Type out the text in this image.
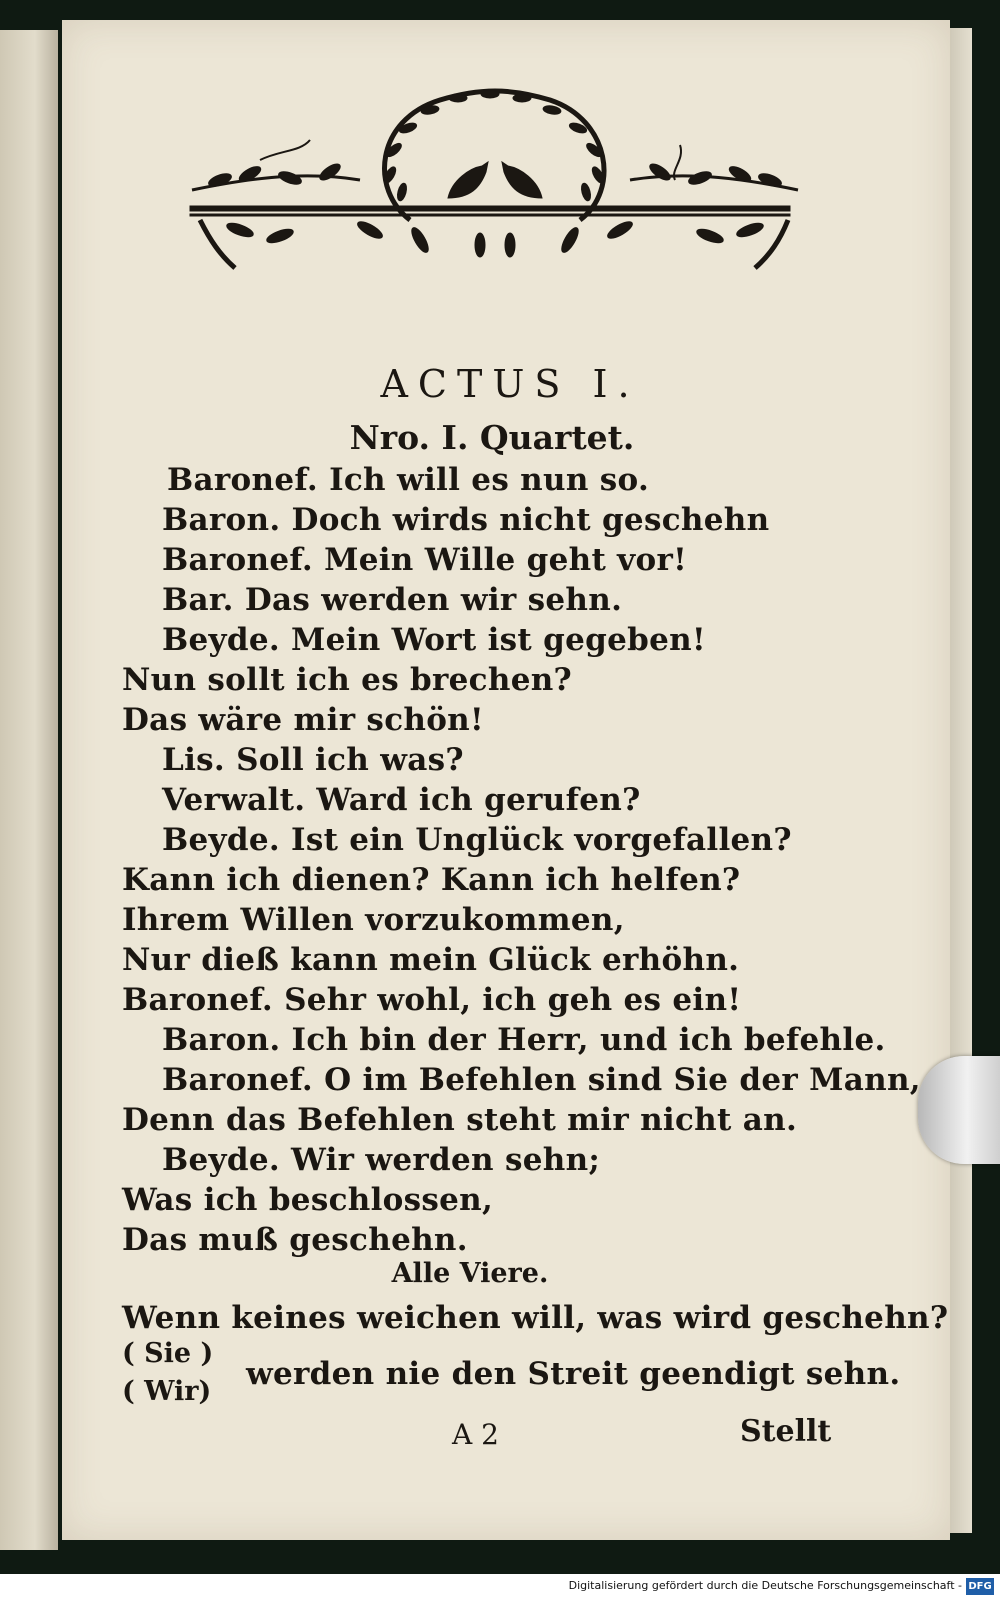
ACTUS I.
Nro. I. Quartet.
Baronef. Ich will es nun so.
Baron. Doch wirds nicht geschehn
Baronef. Mein Wille geht vor!
Bar. Das werden wir sehn.
Beyde. Mein Wort ist gegeben!
Nun sollt ich es brechen?
Das wäre mir schön!
Lis. Soll ich was?
Verwalt. Ward ich gerufen?
Beyde. Ist ein Unglück vorgefallen?
Kann ich dienen? Kann ich helfen?
Ihrem Willen vorzukommen,
Nur dieß kann mein Glück erhöhn.
Baronef. Sehr wohl, ich geh es ein!
Baron. Ich bin der Herr, und ich befehle.
Baronef. O im Befehlen sind Sie der Mann,
Denn das Befehlen steht mir nicht an.
Beyde. Wir werden sehn;
Was ich beschlossen,
Das muß geschehn.
Alle Viere.
Wenn keines weichen will, was wird geschehn?
( Sie )
( Wir) werden nie den Streit geendigt sehn.
A 2	Stellt
Digitalisierung gefördert durch die Deutsche Forschungsgemeinschaft - DFG
